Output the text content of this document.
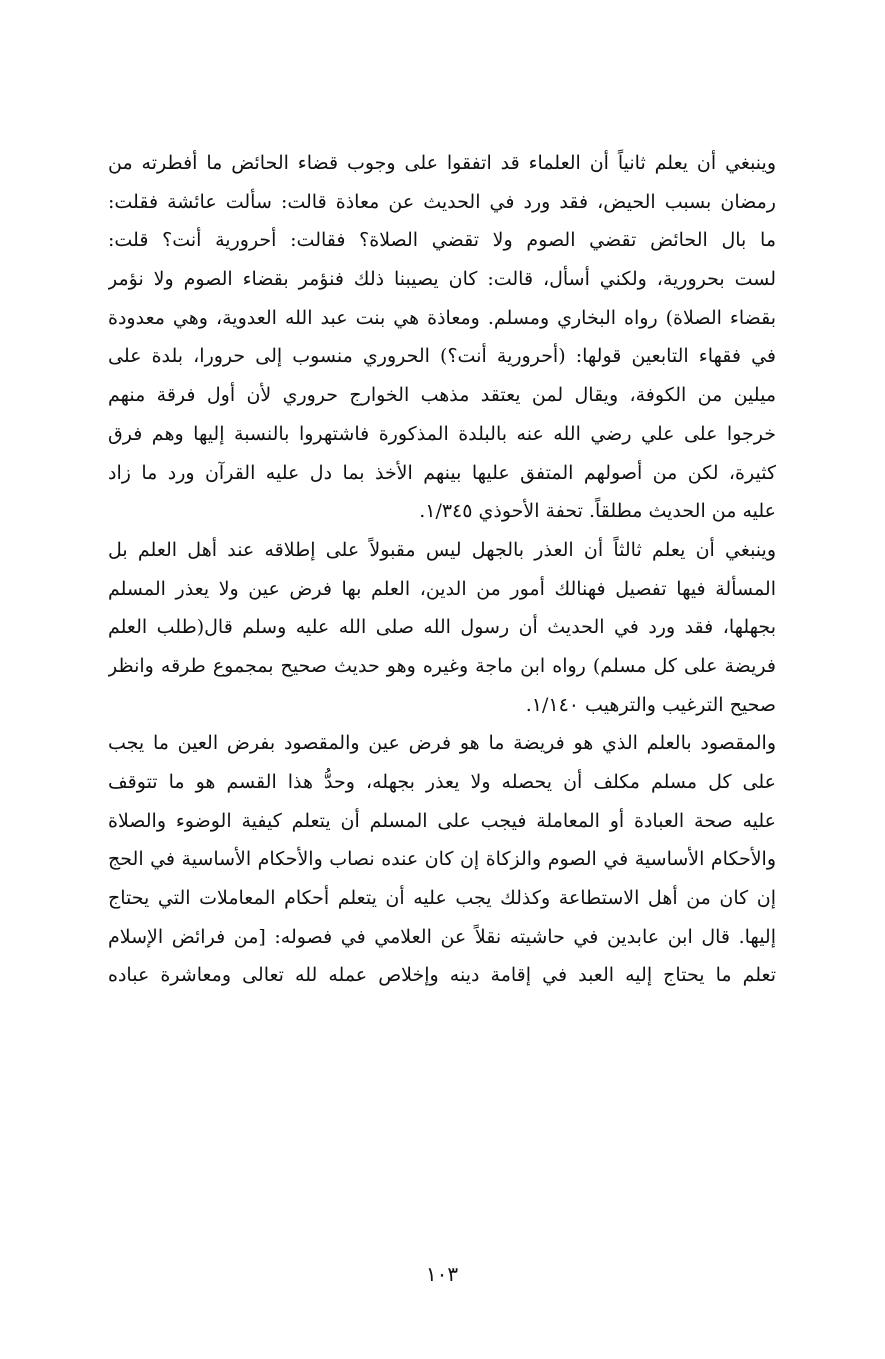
وينبغي أن يعلم ثانياً أن العلماء قد اتفقوا على وجوب قضاء الحائض ما أفطرته من
رمضان بسبب الحيض، فقد ورد في الحديث عن معاذة قالت: سألت عائشة فقلت:
ما بال الحائض تقضي الصوم ولا تقضي الصلاة؟ فقالت: أحرورية أنت؟ قلت:
لست بحرورية، ولكني أسأل، قالت: كان يصيبنا ذلك فنؤمر بقضاء الصوم ولا نؤمر
بقضاء الصلاة) رواه البخاري ومسلم. ومعاذة هي بنت عبد الله العدوية، وهي معدودة
في فقهاء التابعين قولها: (أحرورية أنت؟) الحروري منسوب إلى حرورا، بلدة على
ميلين من الكوفة، ويقال لمن يعتقد مذهب الخوارج حروري لأن أول فرقة منهم
خرجوا على علي رضي الله عنه بالبلدة المذكورة فاشتهروا بالنسبة إليها وهم فرق
كثيرة، لكن من أصولهم المتفق عليها بينهم الأخذ بما دل عليه القرآن ورد ما زاد
عليه من الحديث مطلقاً. تحفة الأحوذي ١/٣٤٥.
وينبغي أن يعلم ثالثاً أن العذر بالجهل ليس مقبولاً على إطلاقه عند أهل العلم بل
المسألة فيها تفصيل فهنالك أمور من الدين، العلم بها فرض عين ولا يعذر المسلم
بجهلها، فقد ورد في الحديث أن رسول الله صلى الله عليه وسلم قال(طلب العلم
فريضة على كل مسلم) رواه ابن ماجة وغيره وهو حديث صحيح بمجموع طرقه وانظر
صحيح الترغيب والترهيب ١/١٤٠.
والمقصود بالعلم الذي هو فريضة ما هو فرض عين والمقصود بفرض العين ما يجب
على كل مسلم مكلف أن يحصله ولا يعذر بجهله، وحدُّ هذا القسم هو ما تتوقف
عليه صحة العبادة أو المعاملة فيجب على المسلم أن يتعلم كيفية الوضوء والصلاة
والأحكام الأساسية في الصوم والزكاة إن كان عنده نصاب والأحكام الأساسية في الحج
إن كان من أهل الاستطاعة وكذلك يجب عليه أن يتعلم أحكام المعاملات التي يحتاج
إليها. قال ابن عابدين في حاشيته نقلاً عن العلامي في فصوله: [من فرائض الإسلام
تعلم ما يحتاج إليه العبد في إقامة دينه وإخلاص عمله لله تعالى ومعاشرة عباده
١٠٣
